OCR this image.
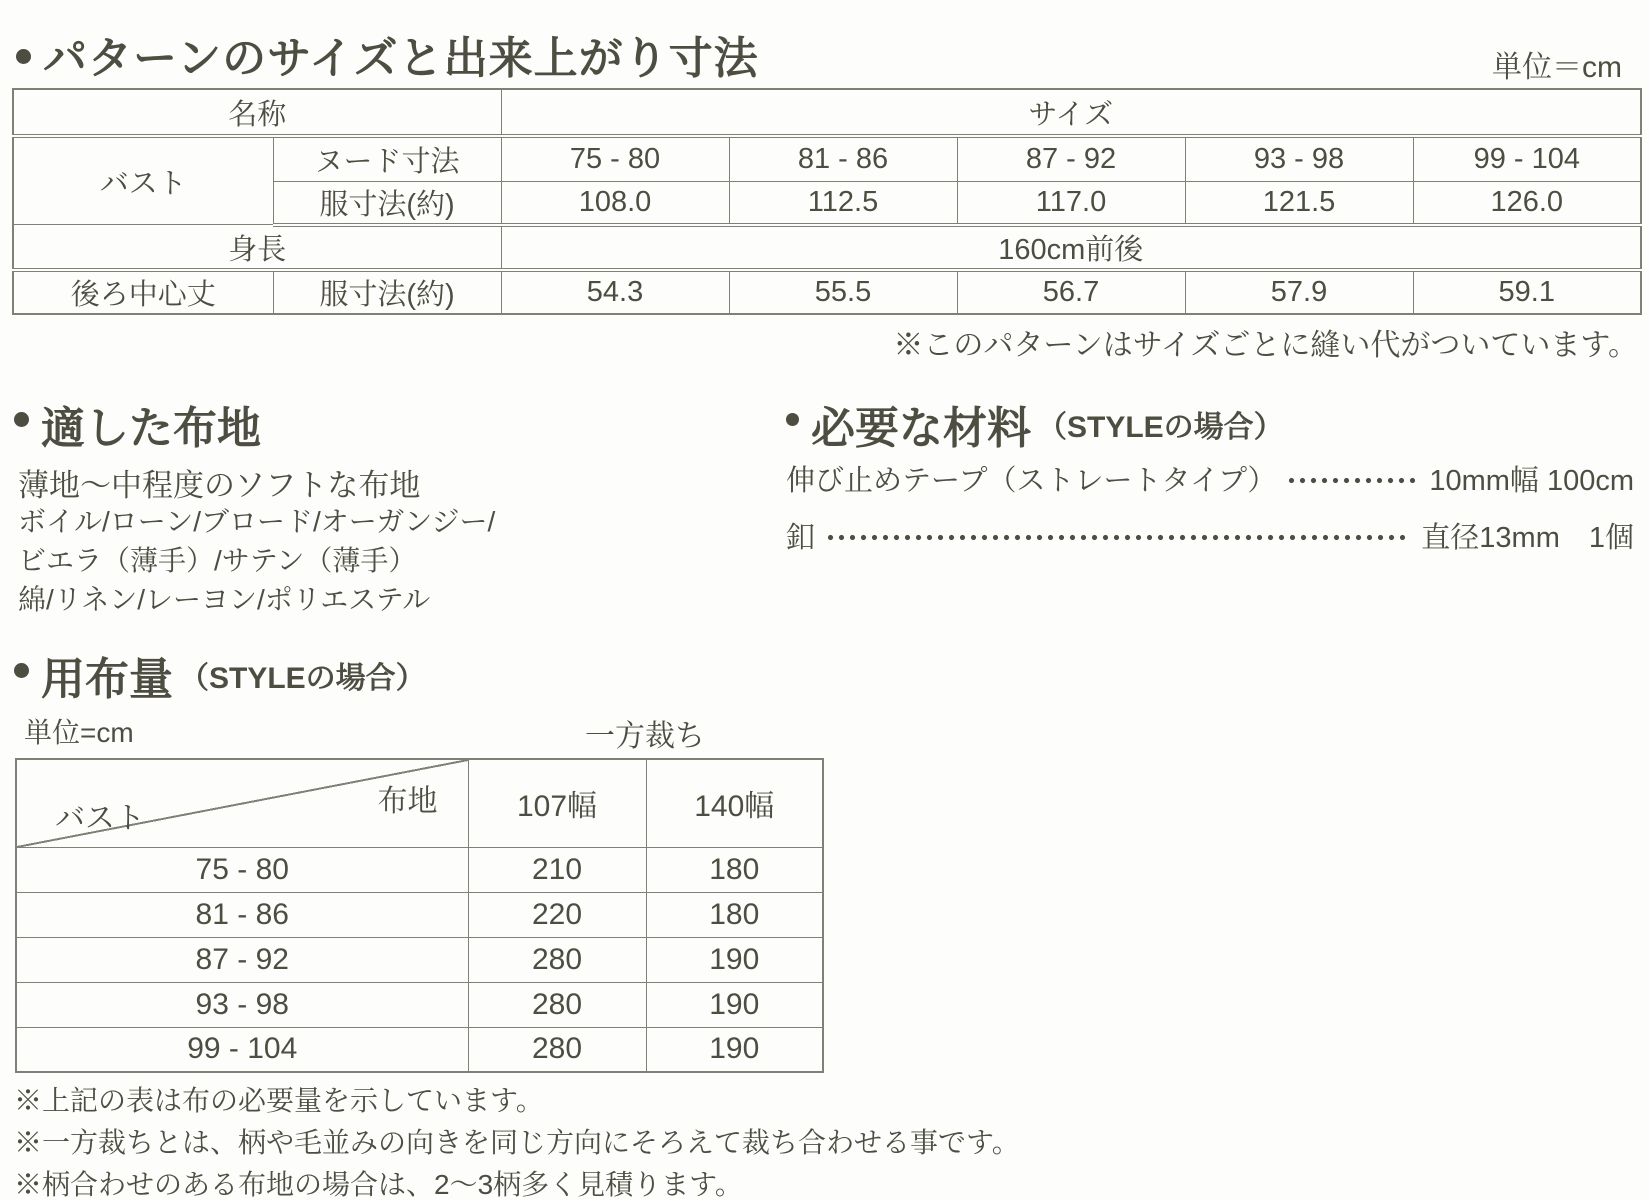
パターンのサイズと出来上がり寸法	単位＝cm
名称		サイズ				
バスト	ヌード寸法	75 - 80	81 - 86	87 - 92	93 - 98	99 - 104
	服寸法(約)	108.0	112.5	117.0	121.5	126.0
身長		160cm前後				
後ろ中心丈	服寸法(約)	54.3	55.5	56.7	57.9	59.1
※このパターンはサイズごとに縫い代がついています。
適した布地
薄地～中程度のソフトな布地
ボイル/ローン/ブロード/オーガンジー/
ビエラ（薄手）/サテン（薄手）
綿/リネン/レーヨン/ポリエステル
必要な材料 （STYLEの場合）
伸び止めテープ（ストレートタイプ）	10mm幅 100cm
釦	直径13mm　1個
用布量 （STYLEの場合）
単位=cm	一方裁ち
布地
バスト	107幅	140幅
75 - 80	210	180
81 - 86	220	180
87 - 92	280	190
93 - 98	280	190
99 - 104	280	190
※上記の表は布の必要量を示しています。
※一方裁ちとは、柄や毛並みの向きを同じ方向にそろえて裁ち合わせる事です。
※柄合わせのある布地の場合は、2～3柄多く見積ります。
